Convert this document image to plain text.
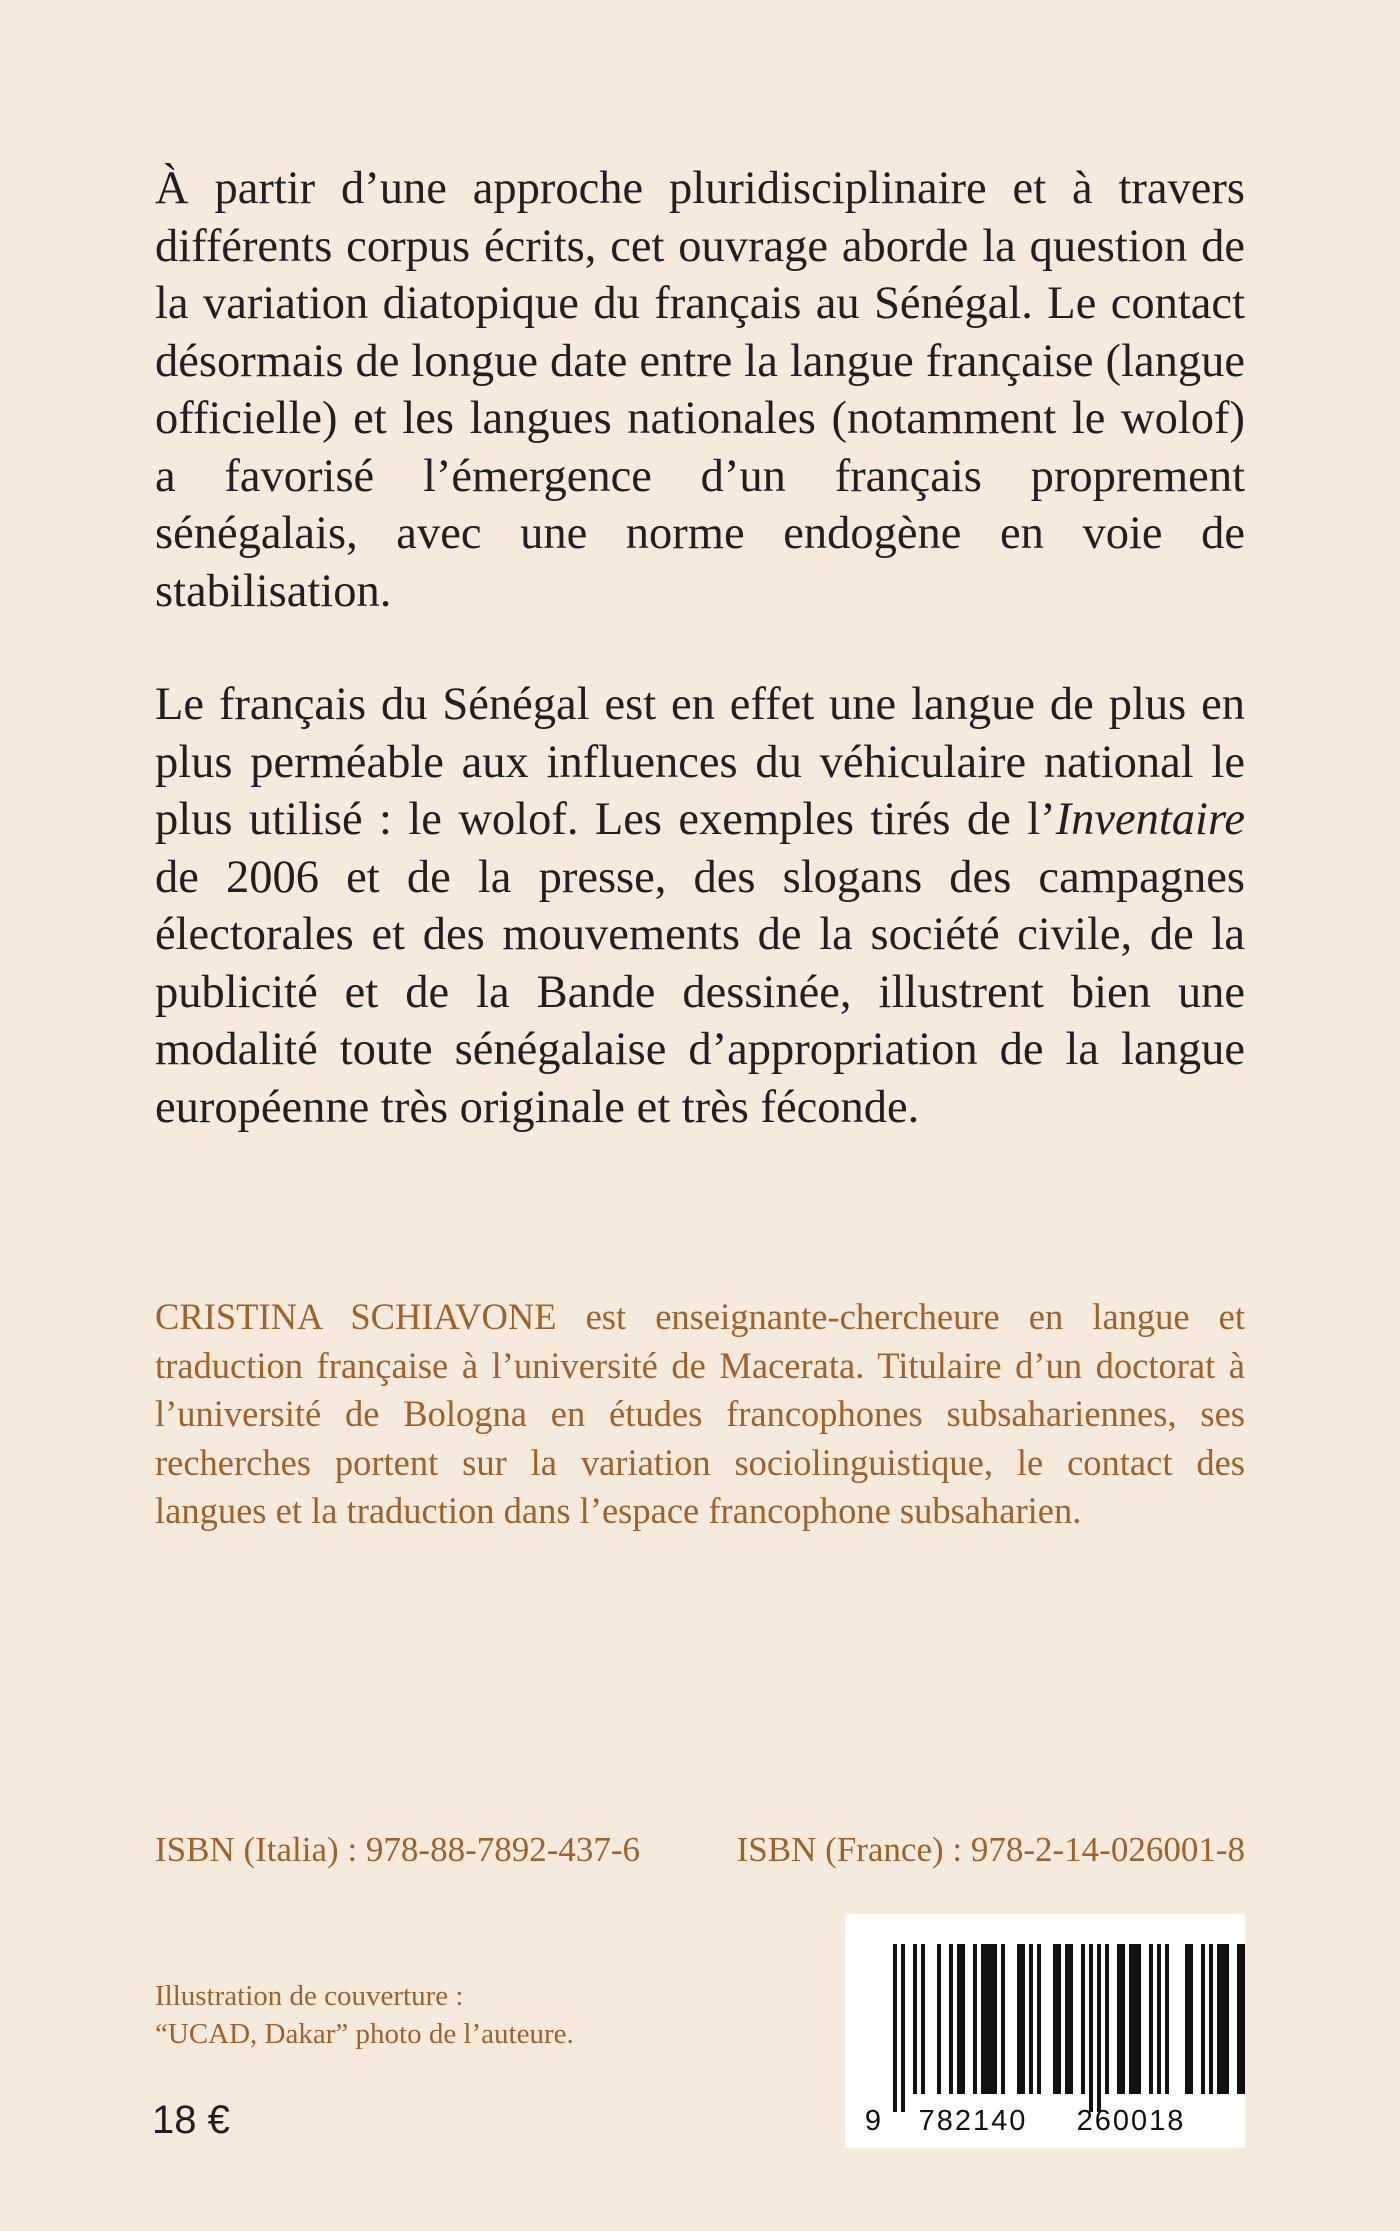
À partir d’une approche pluridisciplinaire et à travers différents corpus écrits, cet ouvrage aborde la question de la variation diatopique du français au Sénégal. Le contact désormais de longue date entre la langue française (langue officielle) et les langues nationales (notamment le wolof) a favorisé l’émergence d’un français proprement sénégalais, avec une norme endogène en voie de stabilisation.

Le français du Sénégal est en effet une langue de plus en plus perméable aux influences du véhiculaire national le plus utilisé : le wolof. Les exemples tirés de l’Inventaire de 2006 et de la presse, des slogans des campagnes électorales et des mouvements de la société civile, de la publicité et de la Bande dessinée, illustrent bien une modalité toute sénégalaise d’appropriation de la langue européenne très originale et très féconde.

CRISTINA SCHIAVONE est enseignante-chercheure en langue et traduction française à l’université de Macerata. Titulaire d’un doctorat à l’université de Bologna en études francophones subsahariennes, ses recherches portent sur la variation sociolinguistique, le contact des langues et la traduction dans l’espace francophone subsaharien.

ISBN (Italia) : 978-88-7892-437-6	ISBN (France) : 978-2-14-026001-8
Illustration de couverture :
“UCAD, Dakar” photo de l’auteure.
18 €	9 782140 260018
